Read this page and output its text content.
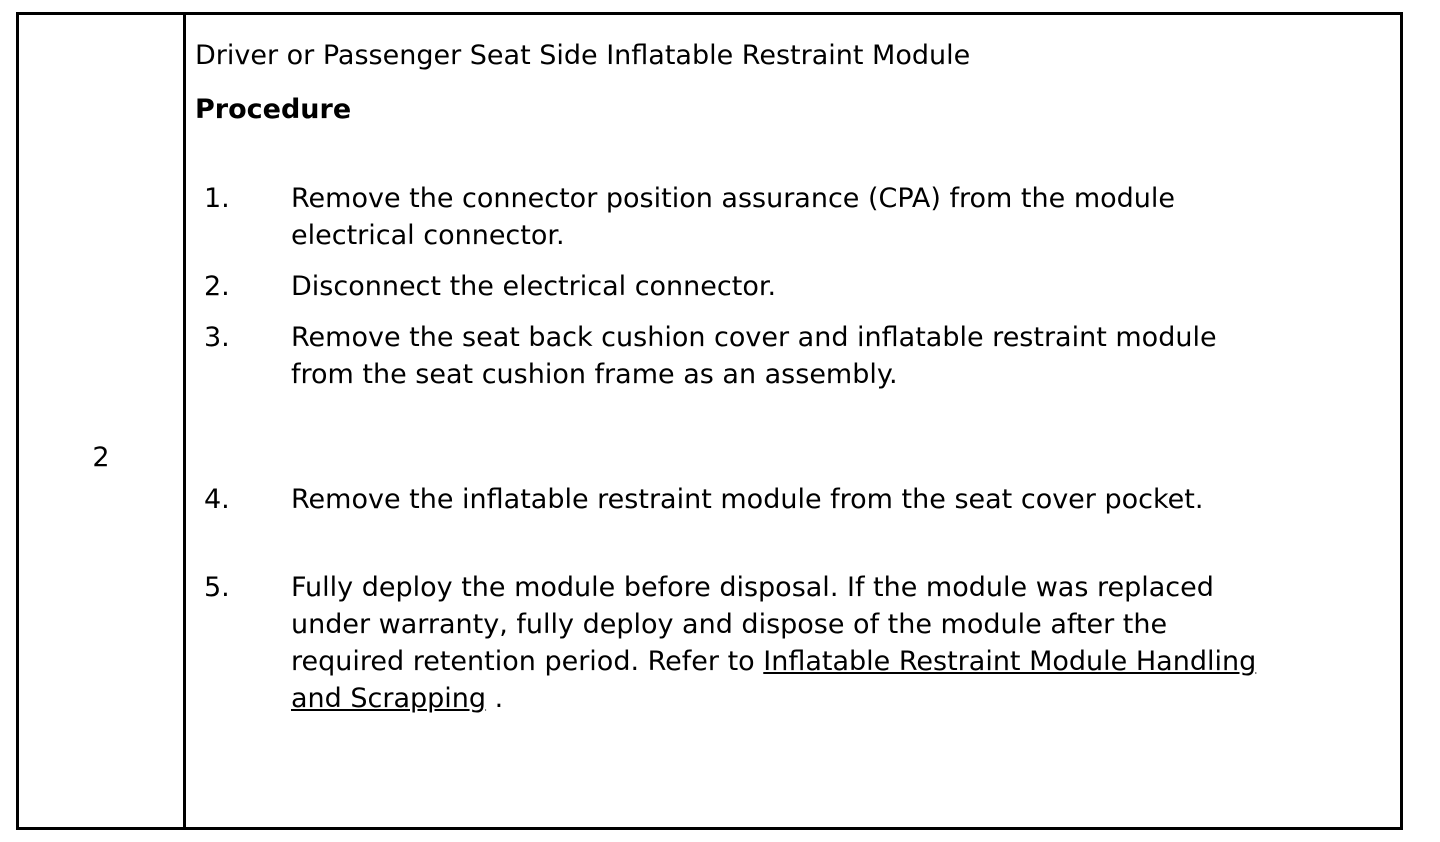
2

Driver or Passenger Seat Side Inflatable Restraint Module

Procedure

1. Remove the connector position assurance (CPA) from the module electrical connector.
2. Disconnect the electrical connector.
3. Remove the seat back cushion cover and inflatable restraint module from the seat cushion frame as an assembly.
4. Remove the inflatable restraint module from the seat cover pocket.
5. Fully deploy the module before disposal. If the module was replaced under warranty, fully deploy and dispose of the module after the required retention period. Refer to Inflatable Restraint Module Handling and Scrapping .
